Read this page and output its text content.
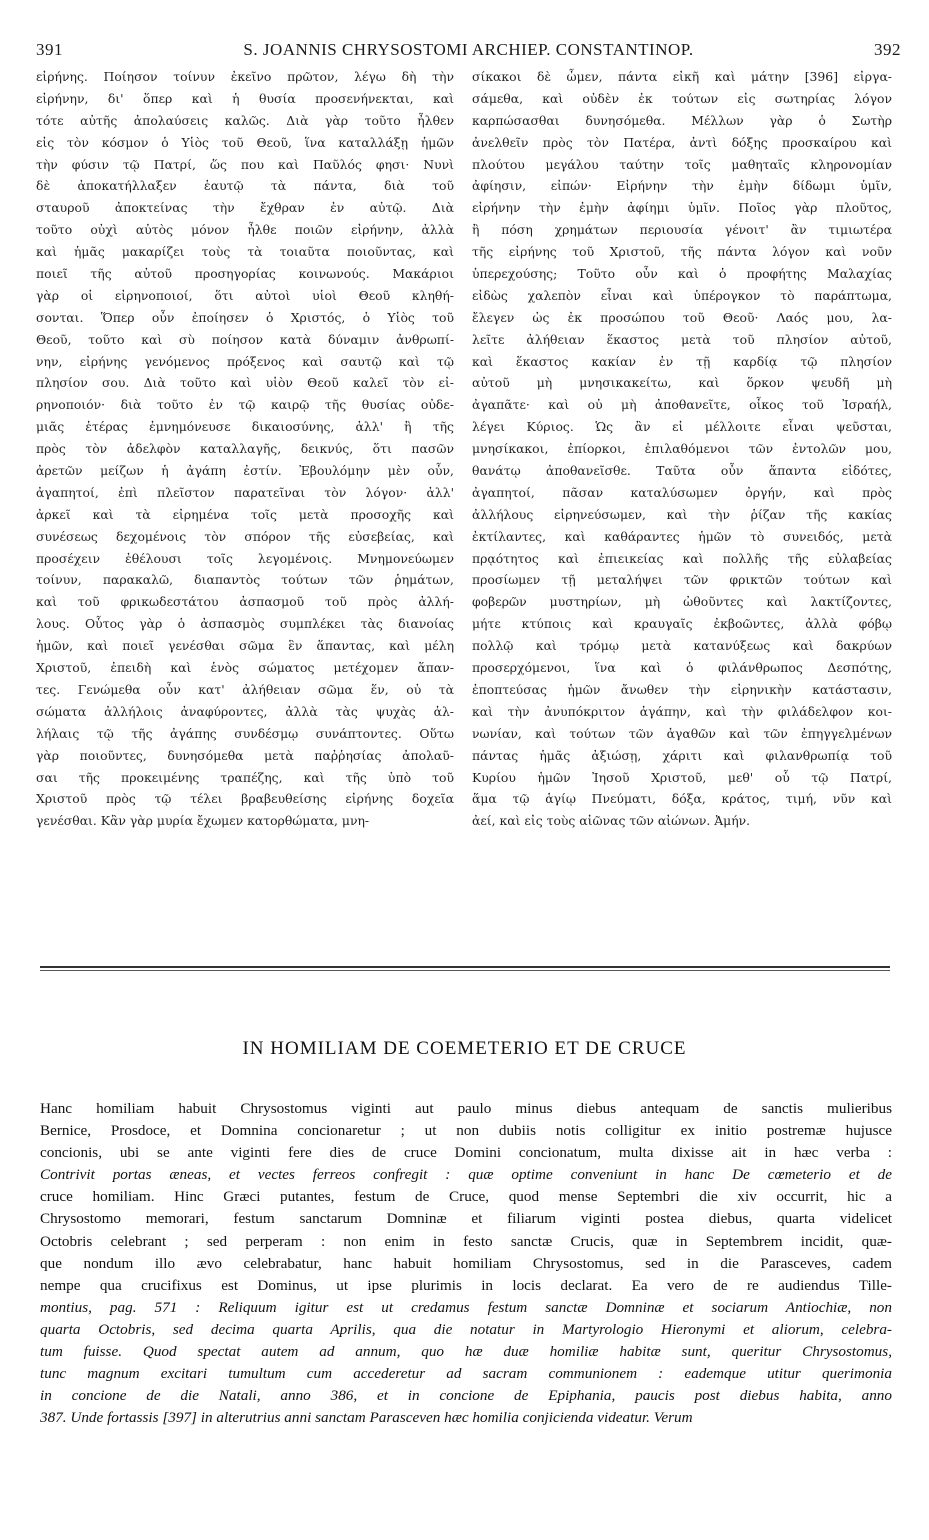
391	S. JOANNIS CHRYSOSTOMI ARCHIEP. CONSTANTINOP.	392
εἰρήνης. Ποίησον τοίνυν ἐκεῖνο πρῶτον, λέγω δὴ τὴν
εἰρήνην, δι' ὅπερ καὶ ἡ θυσία προσενήνεκται, καὶ
τότε αὐτῆς ἀπολαύσεις καλῶς. Διὰ γὰρ τοῦτο ἦλθεν
εἰς τὸν κόσμον ὁ Υἱὸς τοῦ Θεοῦ, ἵνα καταλλάξῃ ἡμῶν
τὴν φύσιν τῷ Πατρί, ὥς που καὶ Παῦλός φησι· Νυνὶ
δὲ ἀποκατήλλαξεν ἑαυτῷ τὰ πάντα, διὰ τοῦ
σταυροῦ ἀποκτείνας τὴν ἔχθραν ἐν αὐτῷ. Διὰ
τοῦτο οὐχὶ αὐτὸς μόνον ἦλθε ποιῶν εἰρήνην, ἀλλὰ
καὶ ἡμᾶς μακαρίζει τοὺς τὰ τοιαῦτα ποιοῦντας, καὶ
ποιεῖ τῆς αὐτοῦ προσηγορίας κοινωνούς. Μακάριοι
γὰρ οἱ εἰρηνοποιοί, ὅτι αὐτοὶ υἱοὶ Θεοῦ κληθή-
σονται. Ὅπερ οὖν ἐποίησεν ὁ Χριστός, ὁ Υἱὸς τοῦ
Θεοῦ, τοῦτο καὶ σὺ ποίησον κατὰ δύναμιν ἀνθρωπί-
νην, εἰρήνης γενόμενος πρόξενος καὶ σαυτῷ καὶ τῷ
πλησίον σου. Διὰ τοῦτο καὶ υἱὸν Θεοῦ καλεῖ τὸν εἰ-
ρηνοποιόν· διὰ τοῦτο ἐν τῷ καιρῷ τῆς θυσίας οὐδε-
μιᾶς ἑτέρας ἐμνημόνευσε δικαιοσύνης, ἀλλ' ἢ τῆς
πρὸς τὸν ἀδελφὸν καταλλαγῆς, δεικνύς, ὅτι πασῶν
ἀρετῶν μείζων ἡ ἀγάπη ἐστίν. Ἐβουλόμην μὲν οὖν,
ἀγαπητοί, ἐπὶ πλεῖστον παρατεῖναι τὸν λόγον· ἀλλ'
ἀρκεῖ καὶ τὰ εἰρημένα τοῖς μετὰ προσοχῆς καὶ
συνέσεως δεχομένοις τὸν σπόρον τῆς εὐσεβείας, καὶ
προσέχειν ἐθέλουσι τοῖς λεγομένοις. Μνημονεύωμεν
τοίνυν, παρακαλῶ, διαπαντὸς τούτων τῶν ῥημάτων,
καὶ τοῦ φρικωδεστάτου ἀσπασμοῦ τοῦ πρὸς ἀλλή-
λους. Οὗτος γὰρ ὁ ἀσπασμὸς συμπλέκει τὰς διανοίας
ἡμῶν, καὶ ποιεῖ γενέσθαι σῶμα ἓν ἅπαντας, καὶ μέλη
Χριστοῦ, ἐπειδὴ καὶ ἑνὸς σώματος μετέχομεν ἅπαν-
τες. Γενώμεθα οὖν κατ' ἀλήθειαν σῶμα ἕν, οὐ τὰ
σώματα ἀλλήλοις ἀναφύροντες, ἀλλὰ τὰς ψυχὰς ἀλ-
λήλαις τῷ τῆς ἀγάπης συνδέσμῳ συνάπτοντες. Οὕτω
γὰρ ποιοῦντες, δυνησόμεθα μετὰ παῤῥησίας ἀπολαῦ-
σαι τῆς προκειμένης τραπέζης, καὶ τῆς ὑπὸ τοῦ
Χριστοῦ πρὸς τῷ τέλει βραβευθείσης εἰρήνης δοχεῖα
γενέσθαι. Κἂν γὰρ μυρία ἔχωμεν κατορθώματα, μνη-
σίκακοι δὲ ὦμεν, πάντα εἰκῆ καὶ μάτην [396] εἰργα-
σάμεθα, καὶ οὐδὲν ἐκ τούτων εἰς σωτηρίας λόγον
καρπώσασθαι δυνησόμεθα. Μέλλων γὰρ ὁ Σωτὴρ
ἀνελθεῖν πρὸς τὸν Πατέρα, ἀντὶ δόξης προσκαίρου καὶ
πλούτου μεγάλου ταύτην τοῖς μαθηταῖς κληρονομίαν
ἀφίησιν, εἰπών· Εἰρήνην τὴν ἐμὴν δίδωμι ὑμῖν,
εἰρήνην τὴν ἐμὴν ἀφίημι ὑμῖν. Ποῖος γὰρ πλοῦτος,
ἢ πόση χρημάτων περιουσία γένοιτ' ἂν τιμιωτέρα
τῆς εἰρήνης τοῦ Χριστοῦ, τῆς πάντα λόγον καὶ νοῦν
ὑπερεχούσης; Τοῦτο οὖν καὶ ὁ προφήτης Μαλαχίας
εἰδὼς χαλεπὸν εἶναι καὶ ὑπέρογκον τὸ παράπτωμα,
ἔλεγεν ὡς ἐκ προσώπου τοῦ Θεοῦ· Λαός μου, λα-
λεῖτε ἀλήθειαν ἕκαστος μετὰ τοῦ πλησίον αὐτοῦ,
καὶ ἕκαστος κακίαν ἐν τῇ καρδίᾳ τῷ πλησίον
αὐτοῦ μὴ μνησικακείτω, καὶ ὅρκον ψευδῆ μὴ
ἀγαπᾶτε· καὶ οὐ μὴ ἀποθανεῖτε, οἶκος τοῦ Ἰσραήλ,
λέγει Κύριος. Ὡς ἂν εἰ μέλλοιτε εἶναι ψεῦσται,
μνησίκακοι, ἐπίορκοι, ἐπιλαθόμενοι τῶν ἐντολῶν μου,
θανάτῳ ἀποθανεῖσθε. Ταῦτα οὖν ἅπαντα εἰδότες,
ἀγαπητοί, πᾶσαν καταλύσωμεν ὀργήν, καὶ πρὸς
ἀλλήλους εἰρηνεύσωμεν, καὶ τὴν ῥίζαν τῆς κακίας
ἐκτίλαντες, καὶ καθάραντες ἡμῶν τὸ συνειδός, μετὰ
πρᾳότητος καὶ ἐπιεικείας καὶ πολλῆς τῆς εὐλαβείας
προσίωμεν τῇ μεταλήψει τῶν φρικτῶν τούτων καὶ
φοβερῶν μυστηρίων, μὴ ὠθοῦντες καὶ λακτίζοντες,
μήτε κτύποις καὶ κραυγαῖς ἐκβοῶντες, ἀλλὰ φόβῳ
πολλῷ καὶ τρόμῳ μετὰ κατανύξεως καὶ δακρύων
προσερχόμενοι, ἵνα καὶ ὁ φιλάνθρωπος Δεσπότης,
ἐποπτεύσας ἡμῶν ἄνωθεν τὴν εἰρηνικὴν κατάστασιν,
καὶ τὴν ἀνυπόκριτον ἀγάπην, καὶ τὴν φιλάδελφον κοι-
νωνίαν, καὶ τούτων τῶν ἀγαθῶν καὶ τῶν ἐπηγγελμένων
πάντας ἡμᾶς ἀξιώσῃ, χάριτι καὶ φιλανθρωπίᾳ τοῦ
Κυρίου ἡμῶν Ἰησοῦ Χριστοῦ, μεθ' οὗ τῷ Πατρί,
ἅμα τῷ ἁγίῳ Πνεύματι, δόξα, κράτος, τιμή, νῦν καὶ
ἀεί, καὶ εἰς τοὺς αἰῶνας τῶν αἰώνων. Ἀμήν.
IN HOMILIAM DE COEMETERIO ET DE CRUCE
Hanc homiliam habuit Chrysostomus viginti aut paulo minus diebus antequam de sanctis mulieribus
Bernice, Prosdoce, et Domnina concionaretur ; ut non dubiis notis colligitur ex initio postremæ hujusce
concionis, ubi se ante viginti fere dies de cruce Domini concionatum, multa dixisse ait in hæc verba :
Contrivit portas æneas, et vectes ferreos confregit : quæ optime conveniunt in hanc De cœmeterio et de
cruce homiliam. Hinc Græci putantes, festum de Cruce, quod mense Septembri die xiv occurrit, hic a
Chrysostomo memorari, festum sanctarum Domninæ et filiarum viginti postea diebus, quarta videlicet
Octobris celebrant ; sed perperam : non enim in festo sanctæ Crucis, quæ in Septembrem incidit, quæ-
que nondum illo ævo celebrabatur, hanc habuit homiliam Chrysostomus, sed in die Parasceves, cadem
nempe qua crucifixus est Dominus, ut ipse plurimis in locis declarat. Ea vero de re audiendus Tille-
montius, pag. 571 : Reliquum igitur est ut credamus festum sanctæ Domninæ et sociarum Antiochiæ, non
quarta Octobris, sed decima quarta Aprilis, qua die notatur in Martyrologio Hieronymi et aliorum, celebra-
tum fuisse. Quod spectat autem ad annum, quo hæ duæ homiliæ habitæ sunt, queritur Chrysostomus,
tunc magnum excitari tumultum cum accederetur ad sacram communionem : eademque utitur querimonia
in concione de die Natali, anno 386, et in concione de Epiphania, paucis post diebus habita, anno
387. Unde fortassis [397] in alterutrius anni sanctam Parasceven hæc homilia conjicienda videatur. Verum
